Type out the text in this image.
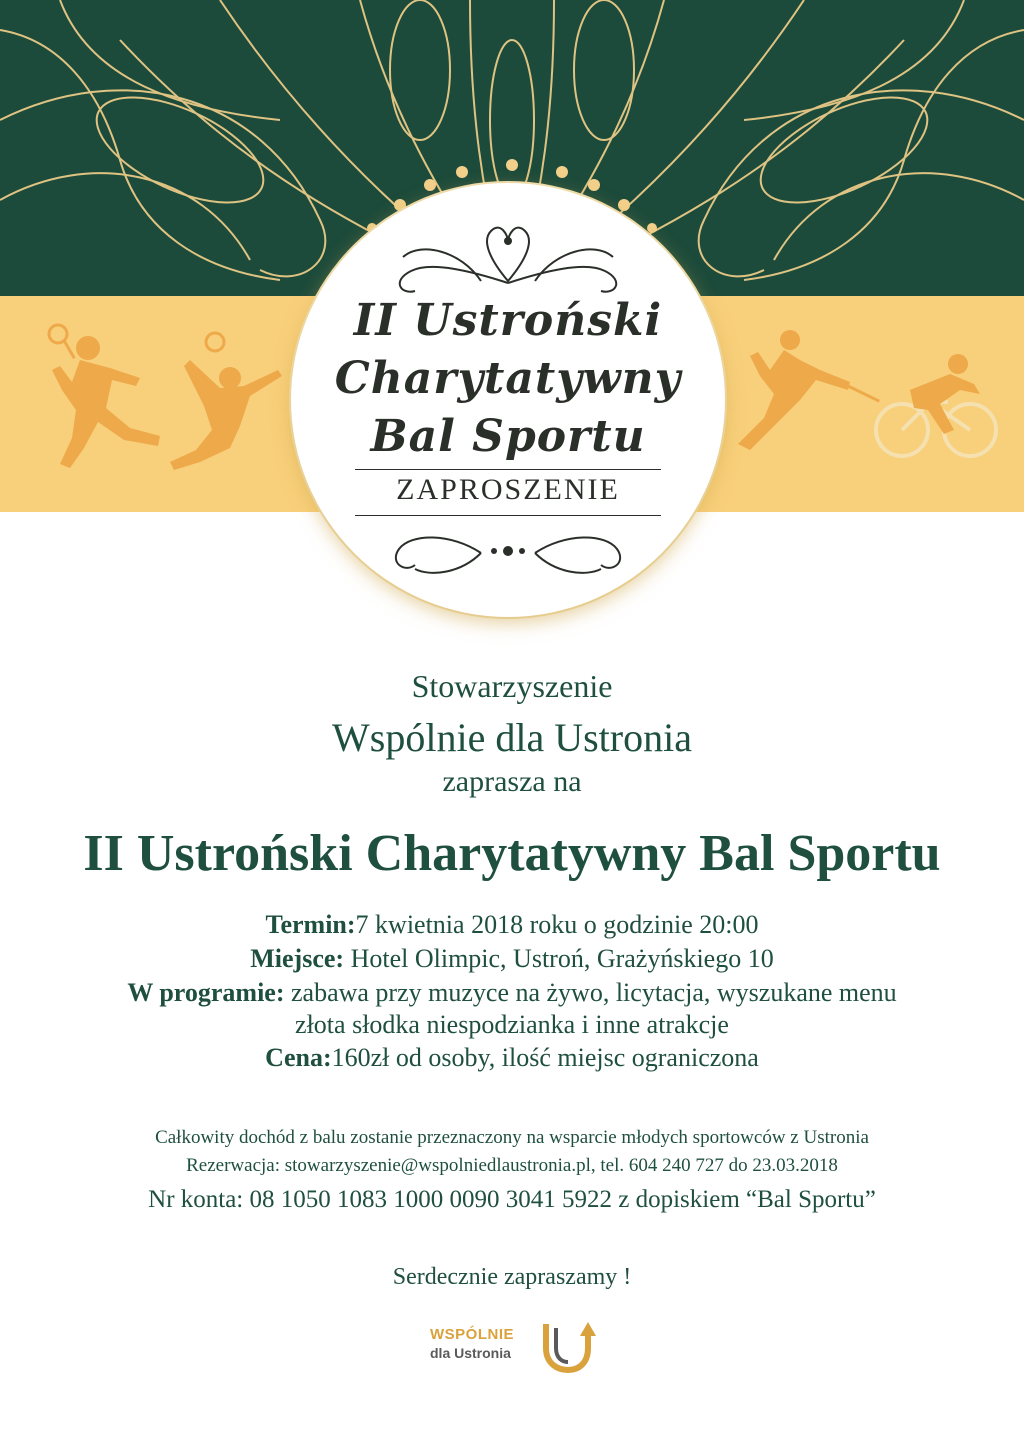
II Ustroński
Charytatywny
Bal Sportu
ZAPROSZENIE
Stowarzyszenie
Wspólnie dla Ustronia
zaprasza na
II Ustroński Charytatywny Bal Sportu
Termin:7 kwietnia 2018 roku o godzinie 20:00
Miejsce: Hotel Olimpic, Ustroń, Grażyńskiego 10
W programie: zabawa przy muzyce na żywo, licytacja, wyszukane menu
złota słodka niespodzianka i inne atrakcje
Cena:160zł od osoby, ilość miejsc ograniczona
Całkowity dochód z balu zostanie przeznaczony na wsparcie młodych sportowców z Ustronia
Rezerwacja: stowarzyszenie@wspolniedlaustronia.pl, tel. 604 240 727 do 23.03.2018
Nr konta: 08 1050 1083 1000 0090 3041 5922 z dopiskiem “Bal Sportu”
Serdecznie zapraszamy !
WSPÓLNIE
dla Ustronia
